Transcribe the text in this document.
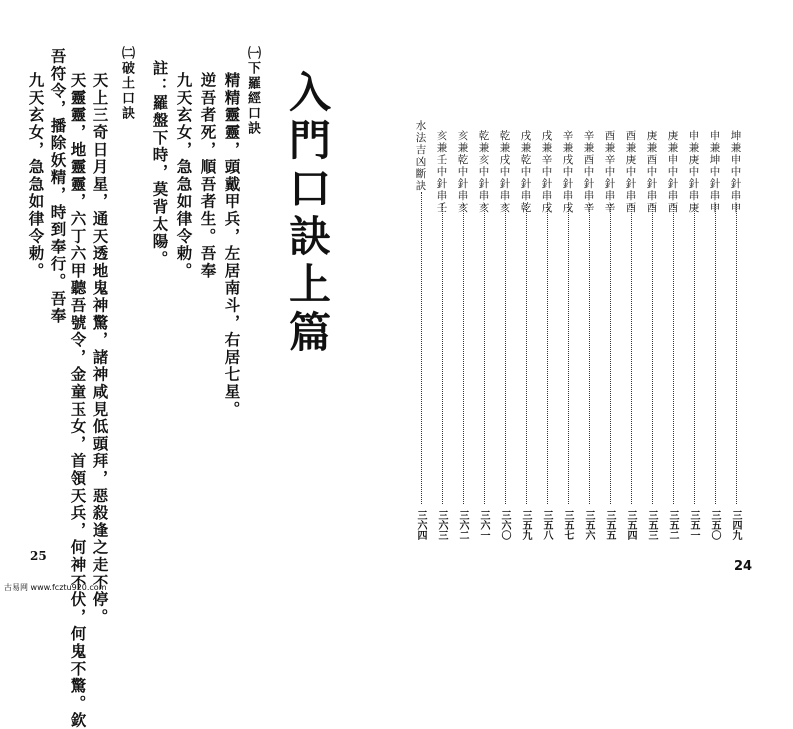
入門口訣上篇
㈠下羅經口訣
精精靈靈，頭戴甲兵，左居南斗，右居七星。
逆吾者死，順吾者生。吾奉
九天玄女，急急如律令勅。
註：羅盤下時，莫背太陽。
㈡破土口訣
天上三奇日月星，通天透地鬼神驚，諸神咸見低頭拜，惡殺逢之走不停。
天靈靈，地靈靈，六丁六甲聽吾號令，金童玉女，首領天兵，何神不伏，何鬼不驚。欽
吾符令，播除妖精，時到奉行。吾奉
九天玄女，急急如律令勅。
25
坤兼申中針串申
三四九
申兼坤中針串申
三五〇
申兼庚中針串庚
三五一
庚兼申中針串酉
三五二
庚兼酉中針串酉
三五三
酉兼庚中針串酉
三五四
酉兼辛中針串辛
三五五
辛兼酉中針串辛
三五六
辛兼戌中針串戌
三五七
戌兼辛中針串戌
三五八
戌兼乾中針串乾
三五九
乾兼戌中針串亥
三六〇
乾兼亥中針串亥
三六一
亥兼乾中針串亥
三六二
亥兼壬中針串壬
三六三
水法吉凶斷訣
三六四
24
古易网 www.fcztu920.com
